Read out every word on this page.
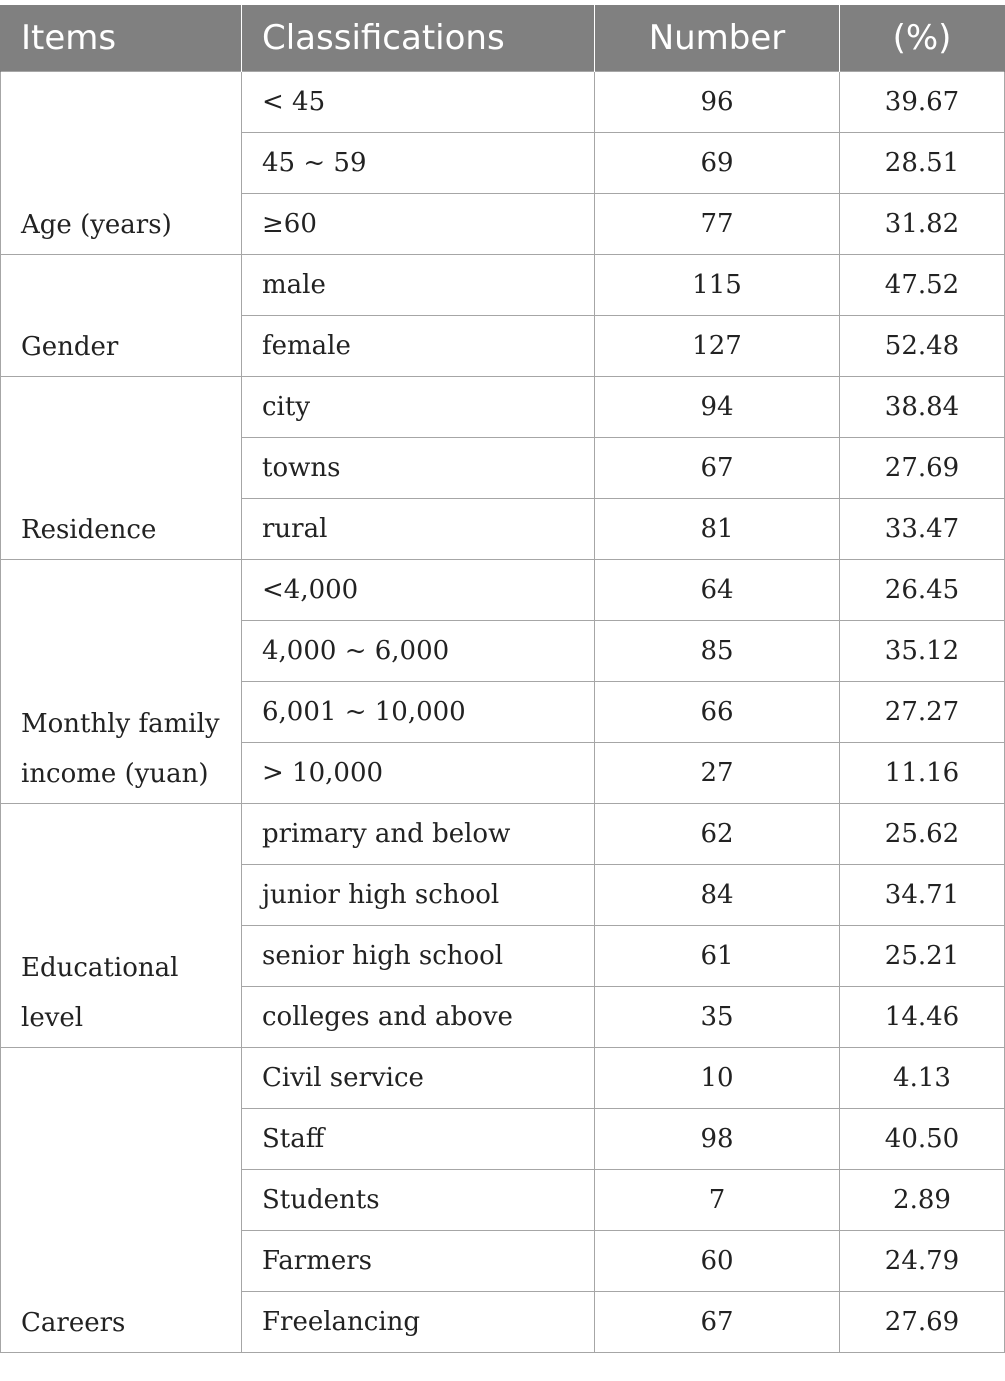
Items	Classifications	Number	(%)
Age (years)	< 45	96	39.67
	45 ~ 59	69	28.51
	≥60	77	31.82
Gender	male	115	47.52
	female	127	52.48
Residence	city	94	38.84
	towns	67	27.69
	rural	81	33.47
Monthly family income (yuan)	<4,000	64	26.45
	4,000 ~ 6,000	85	35.12
	6,001 ~ 10,000	66	27.27
	> 10,000	27	11.16
Educational level	primary and below	62	25.62
	junior high school	84	34.71
	senior high school	61	25.21
	colleges and above	35	14.46
Careers	Civil service	10	4.13
	Staff	98	40.50
	Students	7	2.89
	Farmers	60	24.79
	Freelancing	67	27.69
